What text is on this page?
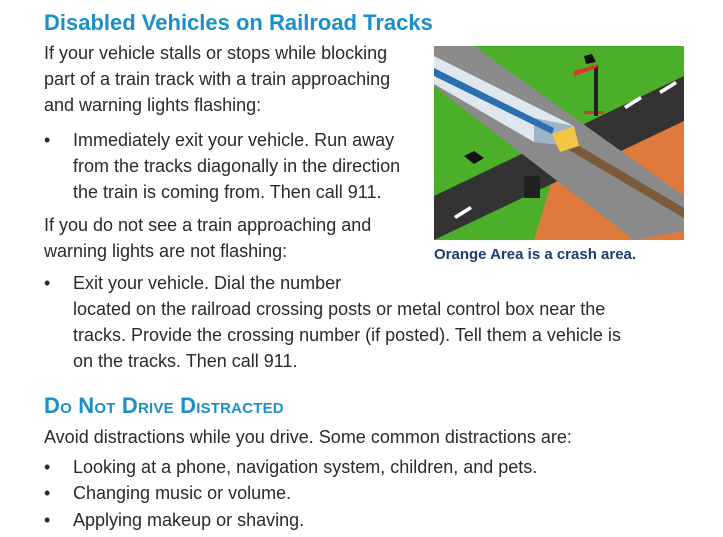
Disabled Vehicles on Railroad Tracks
If your vehicle stalls or stops while blocking
part of a train track with a train approaching
and warning lights flashing:
• Immediately exit your vehicle. Run away
from the tracks diagonally in the direction
the train is coming from. Then call 911.
If you do not see a train approaching and
warning lights are not flashing:
• Exit your vehicle. Dial the number
located on the railroad crossing posts or metal control box near the
tracks. Provide the crossing number (if posted). Tell them a vehicle is
on the tracks. Then call 911.
Orange Area is a crash area.
Do Not Drive Distracted
Avoid distractions while you drive. Some common distractions are:
• Looking at a phone, navigation system, children, and pets.
• Changing music or volume.
• Applying makeup or shaving.
